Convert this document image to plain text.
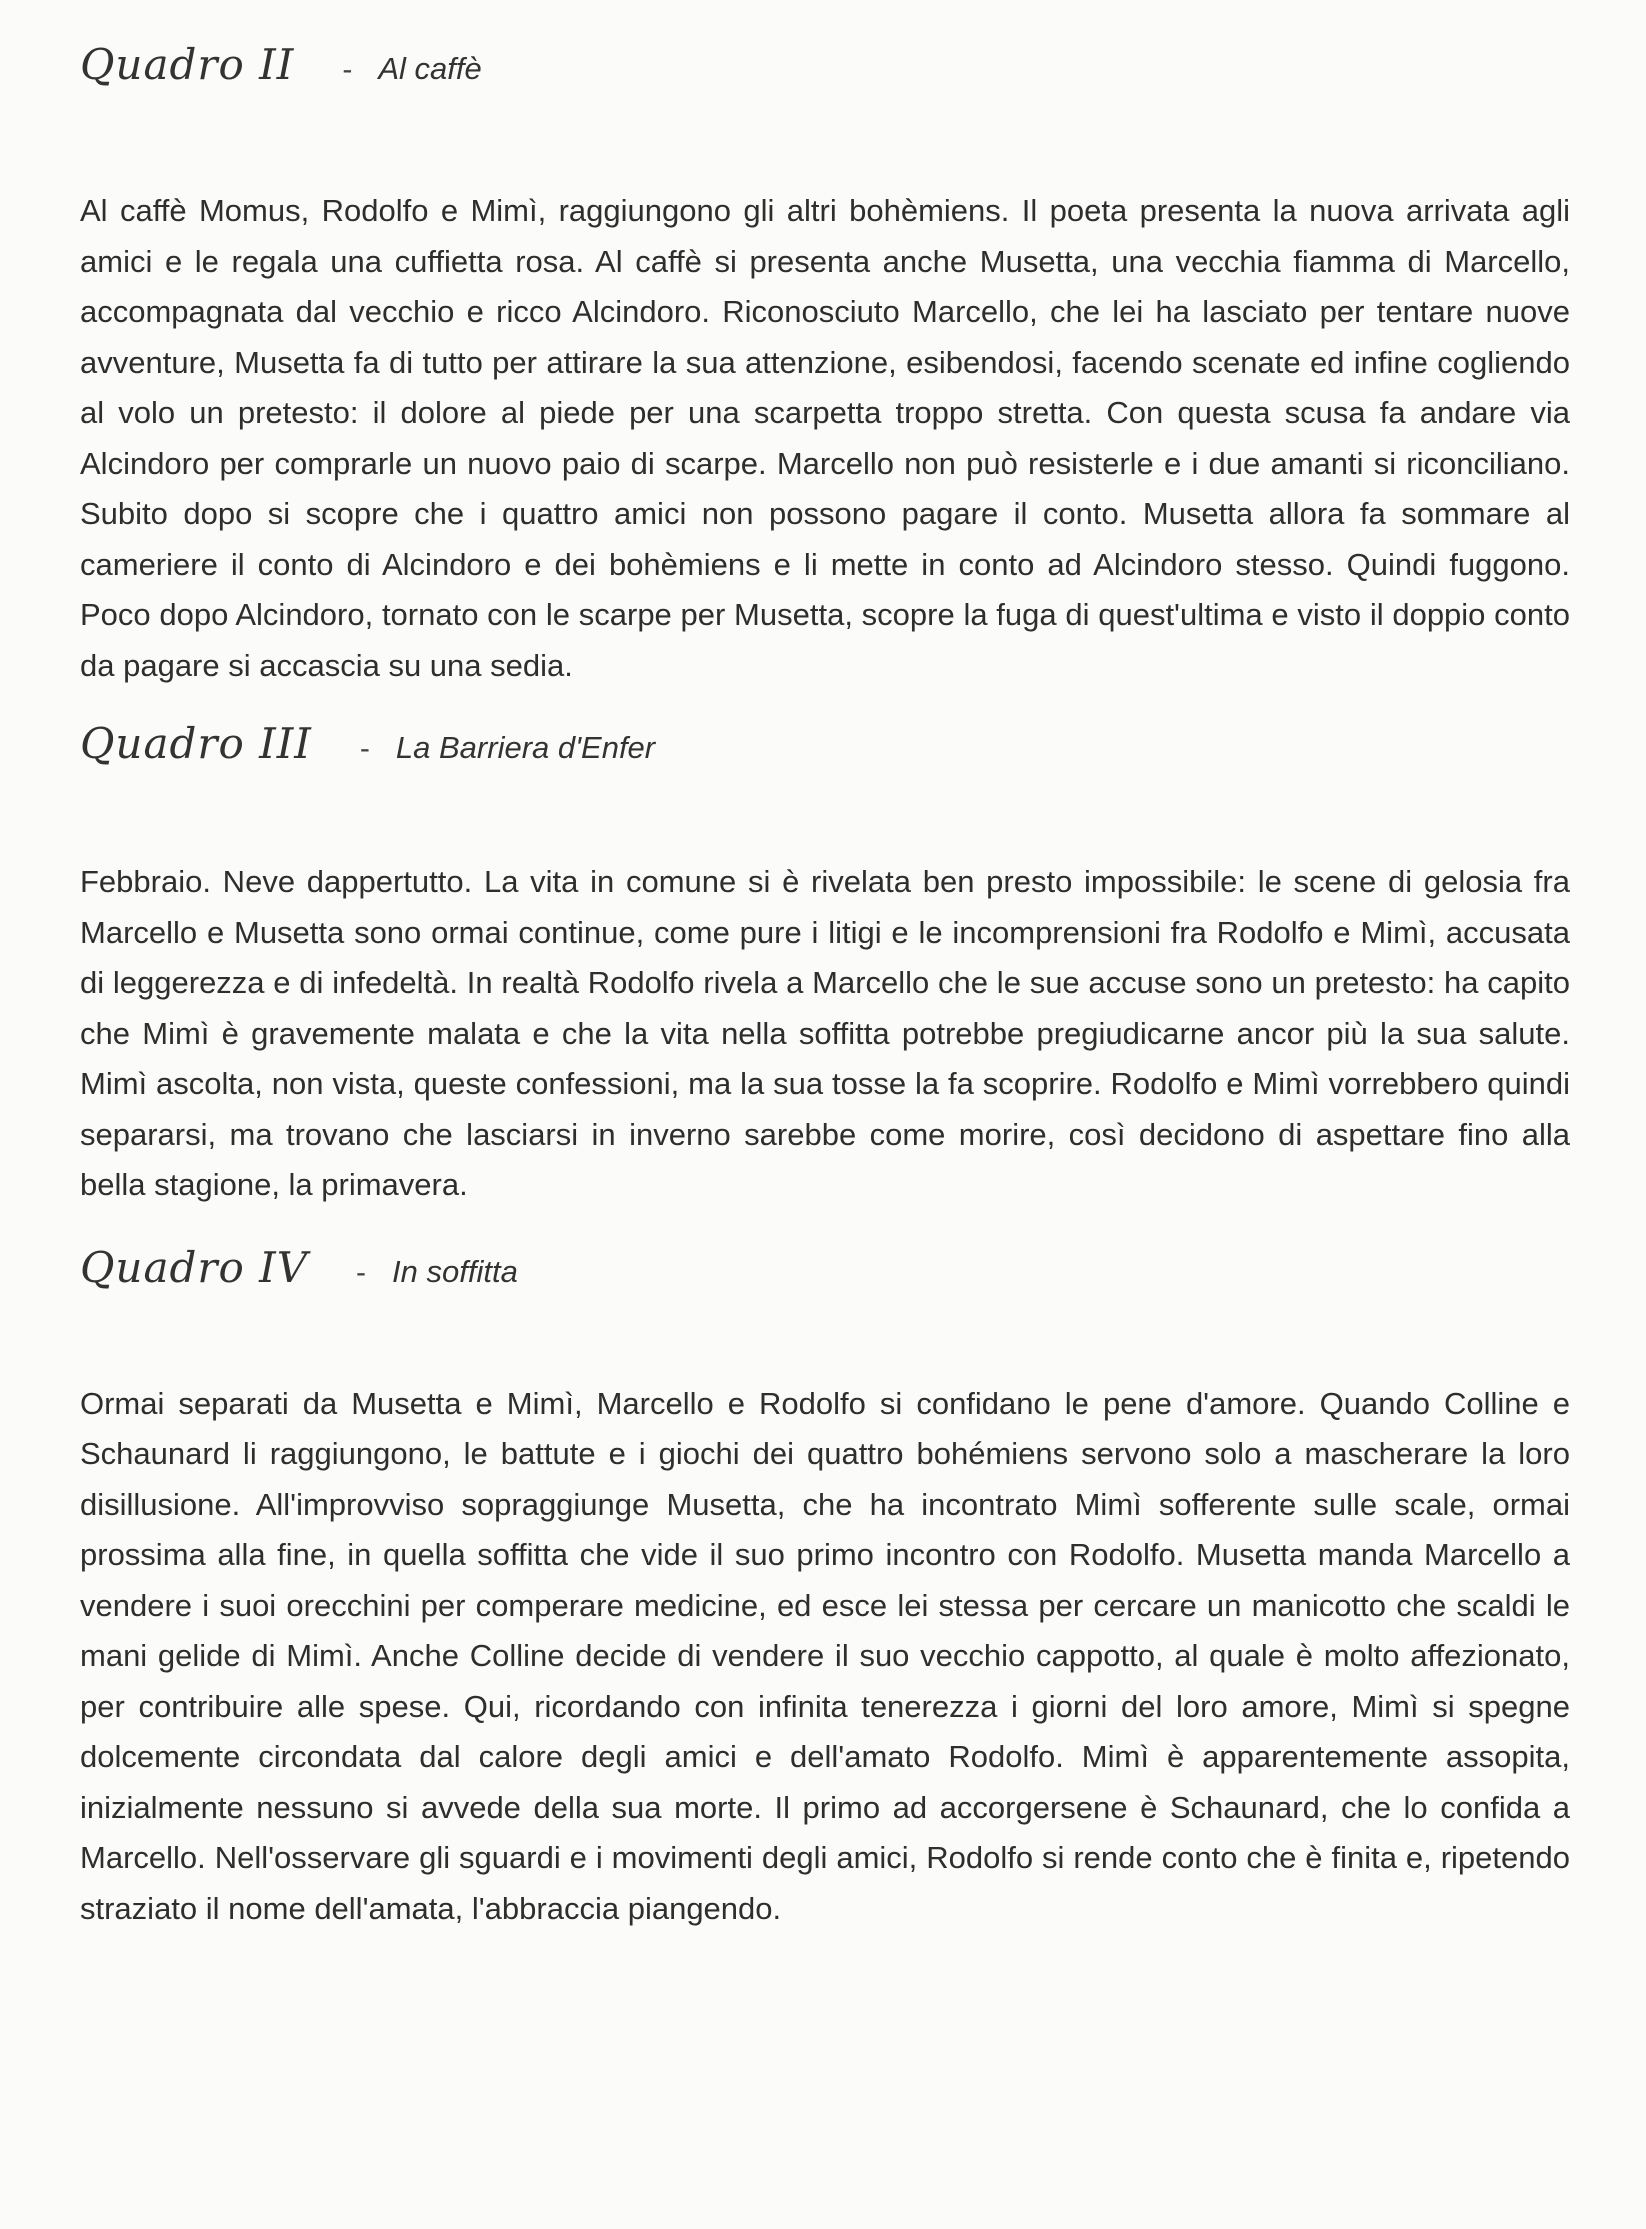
Quadro II - Al caffè

Al caffè Momus, Rodolfo e Mimì, raggiungono gli altri bohèmiens. Il poeta presenta la nuova arrivata agli amici e le regala una cuffietta rosa. Al caffè si presenta anche Musetta, una vecchia fiamma di Marcello, accompagnata dal vecchio e ricco Alcindoro. Riconosciuto Marcello, che lei ha lasciato per tentare nuove avventure, Musetta fa di tutto per attirare la sua attenzione, esibendosi, facendo scenate ed infine cogliendo al volo un pretesto: il dolore al piede per una scarpetta troppo stretta. Con questa scusa fa andare via Alcindoro per comprarle un nuovo paio di scarpe. Marcello non può resisterle e i due amanti si riconciliano. Subito dopo si scopre che i quattro amici non possono pagare il conto. Musetta allora fa sommare al cameriere il conto di Alcindoro e dei bohèmiens e li mette in conto ad Alcindoro stesso. Quindi fuggono. Poco dopo Alcindoro, tornato con le scarpe per Musetta, scopre la fuga di quest'ultima e visto il doppio conto da pagare si accascia su una sedia.

Quadro III - La Barriera d'Enfer

Febbraio. Neve dappertutto. La vita in comune si è rivelata ben presto impossibile: le scene di gelosia fra Marcello e Musetta sono ormai continue, come pure i litigi e le incomprensioni fra Rodolfo e Mimì, accusata di leggerezza e di infedeltà. In realtà Rodolfo rivela a Marcello che le sue accuse sono un pretesto: ha capito che Mimì è gravemente malata e che la vita nella soffitta potrebbe pregiudicarne ancor più la sua salute. Mimì ascolta, non vista, queste confessioni, ma la sua tosse la fa scoprire. Rodolfo e Mimì vorrebbero quindi separarsi, ma trovano che lasciarsi in inverno sarebbe come morire, così decidono di aspettare fino alla bella stagione, la primavera.

Quadro IV - In soffitta

Ormai separati da Musetta e Mimì, Marcello e Rodolfo si confidano le pene d'amore. Quando Colline e Schaunard li raggiungono, le battute e i giochi dei quattro bohémiens servono solo a mascherare la loro disillusione. All'improvviso sopraggiunge Musetta, che ha incontrato Mimì sofferente sulle scale, ormai prossima alla fine, in quella soffitta che vide il suo primo incontro con Rodolfo. Musetta manda Marcello a vendere i suoi orecchini per comperare medicine, ed esce lei stessa per cercare un manicotto che scaldi le mani gelide di Mimì. Anche Colline decide di vendere il suo vecchio cappotto, al quale è molto affezionato, per contribuire alle spese. Qui, ricordando con infinita tenerezza i giorni del loro amore, Mimì si spegne dolcemente circondata dal calore degli amici e dell'amato Rodolfo. Mimì è apparentemente assopita, inizialmente nessuno si avvede della sua morte. Il primo ad accorgersene è Schaunard, che lo confida a Marcello. Nell'osservare gli sguardi e i movimenti degli amici, Rodolfo si rende conto che è finita e, ripetendo straziato il nome dell'amata, l'abbraccia piangendo.
